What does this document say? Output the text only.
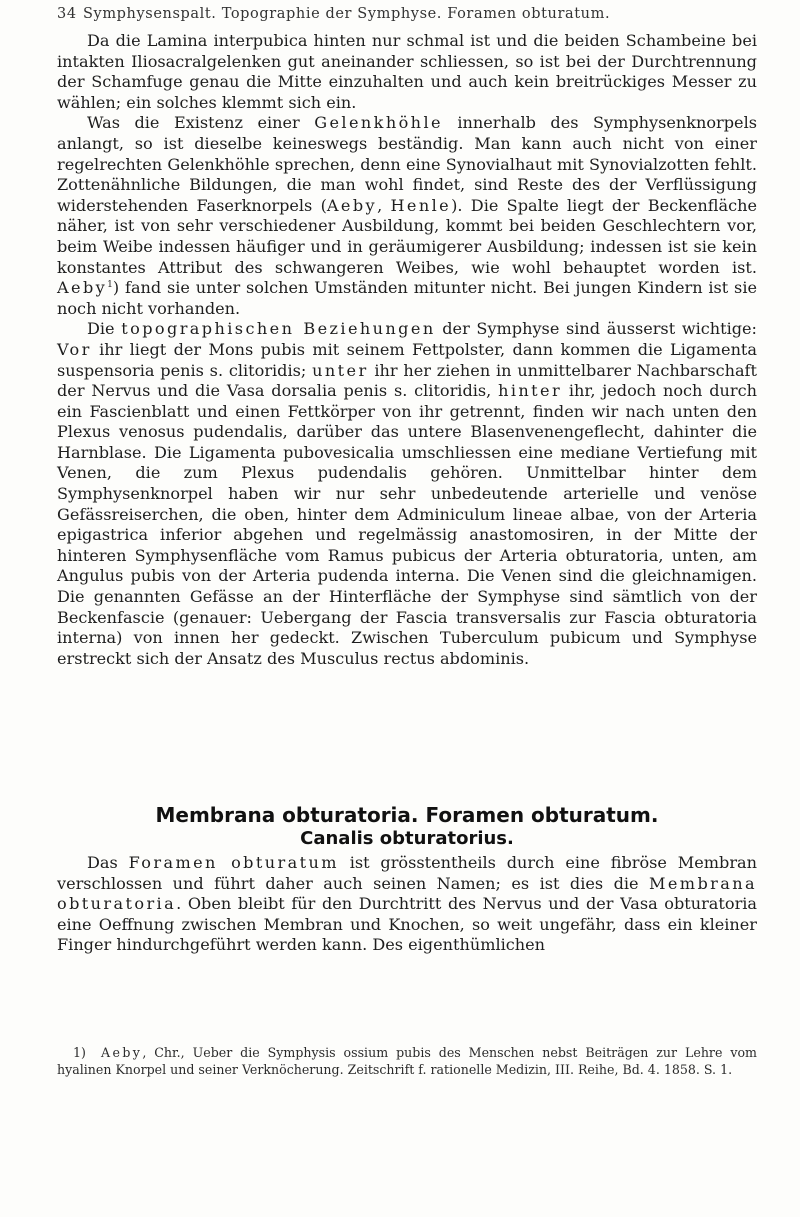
34 Symphysenspalt. Topographie der Symphyse. Foramen obturatum.

Da die Lamina interpubica hinten nur schmal ist und die beiden Schambeine bei intakten Iliosacralgelenken gut aneinander schliessen, so ist bei der Durchtrennung der Schamfuge genau die Mitte einzuhalten und auch kein breitrückiges Messer zu wählen; ein solches klemmt sich ein.

Was die Existenz einer Gelenkhöhle innerhalb des Symphysenknorpels anlangt, so ist dieselbe keineswegs beständig. Man kann auch nicht von einer regelrechten Gelenkhöhle sprechen, denn eine Synovialhaut mit Synovialzotten fehlt. Zottenähnliche Bildungen, die man wohl findet, sind Reste des der Verflüssigung widerstehenden Faserknorpels (Aeby, Henle). Die Spalte liegt der Beckenfläche näher, ist von sehr verschiedener Ausbildung, kommt bei beiden Geschlechtern vor, beim Weibe indessen häufiger und in geräumigerer Ausbildung; indessen ist sie kein konstantes Attribut des schwangeren Weibes, wie wohl behauptet worden ist. Aeby$^1$) fand sie unter solchen Umständen mitunter nicht. Bei jungen Kindern ist sie noch nicht vorhanden.

Die topographischen Beziehungen der Symphyse sind äusserst wichtige: Vor ihr liegt der Mons pubis mit seinem Fettpolster, dann kommen die Ligamenta suspensoria penis s. clitoridis; unter ihr her ziehen in unmittelbarer Nachbarschaft der Nervus und die Vasa dorsalia penis s. clitoridis, hinter ihr, jedoch noch durch ein Fascienblatt und einen Fettkörper von ihr getrennt, finden wir nach unten den Plexus venosus pudendalis, darüber das untere Blasenvenengeflecht, dahinter die Harnblase. Die Ligamenta pubovesicalia umschliessen eine mediane Vertiefung mit Venen, die zum Plexus pudendalis gehören. Unmittelbar hinter dem Symphysenknorpel haben wir nur sehr unbedeutende arterielle und venöse Gefässreiserchen, die oben, hinter dem Adminiculum lineae albae, von der Arteria epigastrica inferior abgehen und regelmässig anastomosiren, in der Mitte der hinteren Symphysenfläche vom Ramus pubicus der Arteria obturatoria, unten, am Angulus pubis von der Arteria pudenda interna. Die Venen sind die gleichnamigen. Die genannten Gefässe an der Hinterfläche der Symphyse sind sämtlich von der Beckenfascie (genauer: Uebergang der Fascia transversalis zur Fascia obturatoria interna) von innen her gedeckt. Zwischen Tuberculum pubicum und Symphyse erstreckt sich der Ansatz des Musculus rectus abdominis.

Membrana obturatoria. Foramen obturatum.
Canalis obturatorius.

Das Foramen obturatum ist grösstentheils durch eine fibröse Membran verschlossen und führt daher auch seinen Namen; es ist dies die Membrana obturatoria. Oben bleibt für den Durchtritt des Nervus und der Vasa obturatoria eine Oeffnung zwischen Membran und Knochen, so weit ungefähr, dass ein kleiner Finger hindurchgeführt werden kann. Des eigenthümlichen

1) Aeby, Chr., Ueber die Symphysis ossium pubis des Menschen nebst Beiträgen zur Lehre vom hyalinen Knorpel und seiner Verknöcherung. Zeitschrift f. rationelle Medizin, III. Reihe, Bd. 4. 1858. S. 1.
